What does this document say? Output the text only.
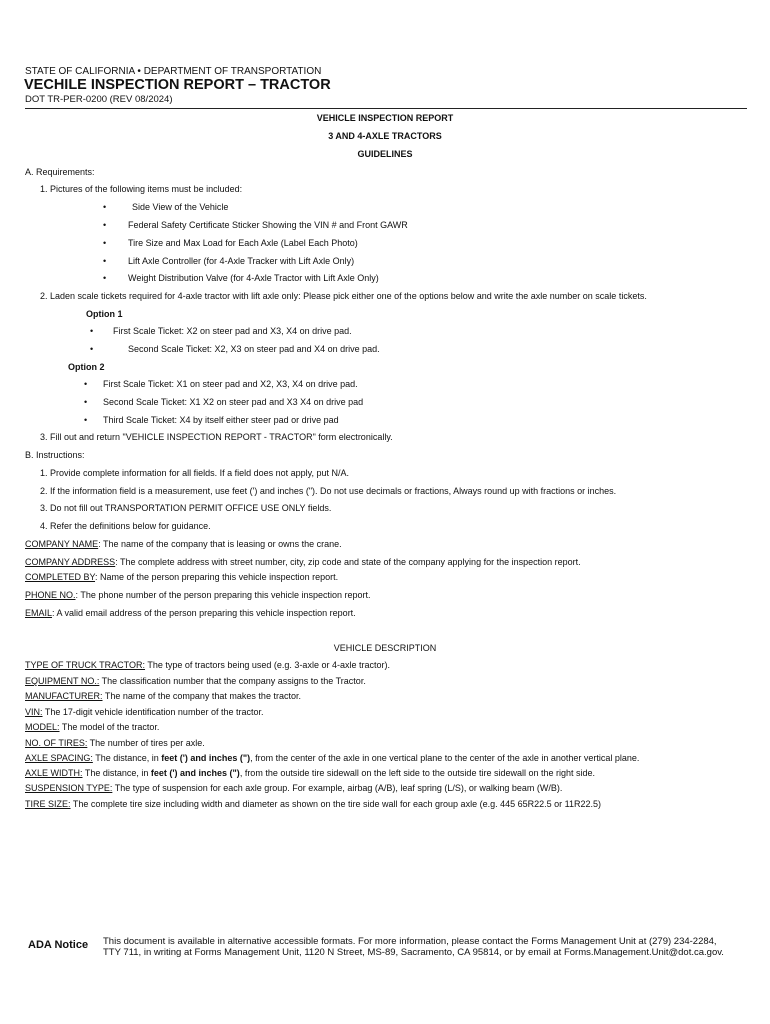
STATE OF CALIFORNIA • DEPARTMENT OF TRANSPORTATION
VECHILE INSPECTION REPORT – TRACTOR
DOT TR-PER-0200 (REV 08/2024)
VEHICLE INSPECTION REPORT
3 AND 4-AXLE TRACTORS
GUIDELINES
A. Requirements:
1. Pictures of the following items must be included:
•	Side View of the Vehicle
• Federal Safety Certificate Sticker Showing the VIN # and Front GAWR
• Tire Size and Max Load for Each Axle (Label Each Photo)
• Lift Axle Controller (for 4-Axle Tracker with Lift Axle Only)
• Weight Distribution Valve (for 4-Axle Tractor with Lift Axle Only)
2. Laden scale tickets required for 4-axle tractor with lift axle only: Please pick either one of the options below and write the axle number on scale tickets.
Option 1
• First Scale Ticket: X2 on steer pad and X3, X4 on drive pad.
•	Second Scale Ticket: X2, X3 on steer pad and X4 on drive pad.
Option 2
• First Scale Ticket: X1 on steer pad and X2, X3, X4 on drive pad.
• Second Scale Ticket: X1 X2 on steer pad and X3 X4 on drive pad
• Third Scale Ticket: X4 by itself either steer pad or drive pad
3. Fill out and return "VEHICLE INSPECTION REPORT - TRACTOR" form electronically.
B. Instructions:
1. Provide complete information for all fields. If a field does not apply, put N/A.
2. If the information field is a measurement, use feet (') and inches ("). Do not use decimals or fractions, Always round up with fractions or inches.
3. Do not fill out TRANSPORTATION PERMIT OFFICE USE ONLY fields.
4. Refer the definitions below for guidance.
COMPANY NAME: The name of the company that is leasing or owns the crane.
COMPANY ADDRESS: The complete address with street number, city, zip code and state of the company applying for the inspection report.
COMPLETED BY: Name of the person preparing this vehicle inspection report.
PHONE NO.: The phone number of the person preparing this vehicle inspection report.
EMAIL: A valid email address of the person preparing this vehicle inspection report.
VEHICLE DESCRIPTION
TYPE OF TRUCK TRACTOR: The type of tractors being used (e.g. 3-axle or 4-axle tractor).
EQUIPMENT NO.: The classification number that the company assigns to the Tractor.
MANUFACTURER: The name of the company that makes the tractor.
VIN: The 17-digit vehicle identification number of the tractor.
MODEL: The model of the tractor.
NO. OF TIRES: The number of tires per axle.
AXLE SPACING: The distance, in feet (') and inches ("), from the center of the axle in one vertical plane to the center of the axle in another vertical plane.
AXLE WIDTH: The distance, in feet (') and inches ("), from the outside tire sidewall on the left side to the outside tire sidewall on the right side.
SUSPENSION TYPE: The type of suspension for each axle group. For example, airbag (A/B), leaf spring (L/S), or walking beam (W/B).
TIRE SIZE: The complete tire size including width and diameter as shown on the tire side wall for each group axle (e.g. 445 65R22.5 or 11R22.5)
ADA Notice This document is available in alternative accessible formats. For more information, please contact the Forms Management Unit at (279) 234-2284,
TTY 711, in writing at Forms Management Unit, 1120 N Street, MS-89, Sacramento, CA 95814, or by email at Forms.Management.Unit@dot.ca.gov.
